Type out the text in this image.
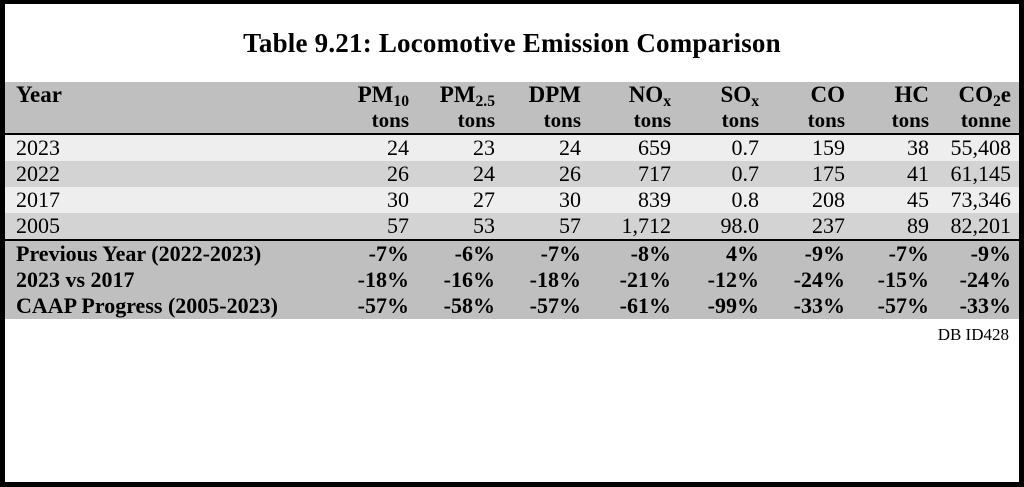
Table 9.21: Locomotive Emission Comparison
Year	$PM_{10}$	$PM_{2.5}$	DPM	$NO_x$	$SO_x$	CO	HC	$CO_2e$
	tons	tons	tons	tons	tons	tons	tons	tonne
2023	24	23	24	659	0.7	159	38	55,408
2022	26	24	26	717	0.7	175	41	61,145
2017	30	27	30	839	0.8	208	45	73,346
2005	57	53	57	1,712	98.0	237	89	82,201
Previous Year (2022-2023)	-7%	-6%	-7%	-8%	4%	-9%	-7%	-9%
2023 vs 2017	-18%	-16%	-18%	-21%	-12%	-24%	-15%	-24%
CAAP Progress (2005-2023)	-57%	-58%	-57%	-61%	-99%	-33%	-57%	-33%
DB ID428
